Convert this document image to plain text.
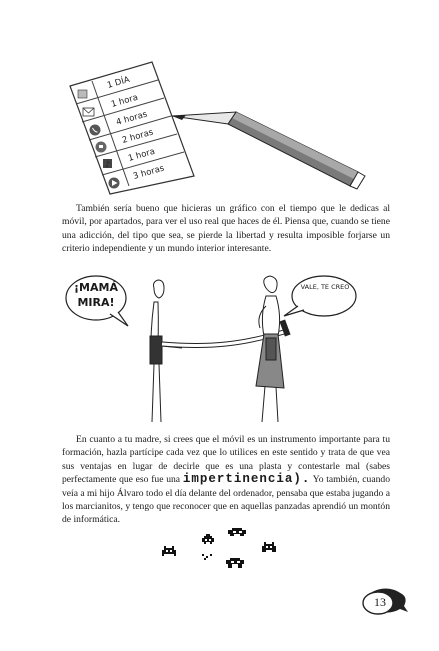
♪
1 DÍA
1 hora
4 horas
2 horas
1 hora
3 horas

También sería bueno que hicieras un gráfico con el tiempo que le dedicas al móvil, por apartados, para ver el uso real que haces de él. Piensa que, cuando se tiene una adicción, del tipo que sea, se pierde la libertad y resulta imposible forjarse un criterio independiente y un mundo interior interesante.

¡MAMÁ MIRA!
VALE, TE CREO

En cuanto a tu madre, si crees que el móvil es un instrumento importante para tu formación, hazla partícipe cada vez que lo utilices en este sentido y trata de que vea sus ventajas en lugar de decirle que es una plasta y contestarle mal (sabes perfectamente que eso fue una impertinencia). Yo también, cuando veía a mi hijo Álvaro todo el día delante del ordenador, pensaba que estaba jugando a los marcianitos, y tengo que reconocer que en aquellas panzadas aprendió un montón de informática.

13
